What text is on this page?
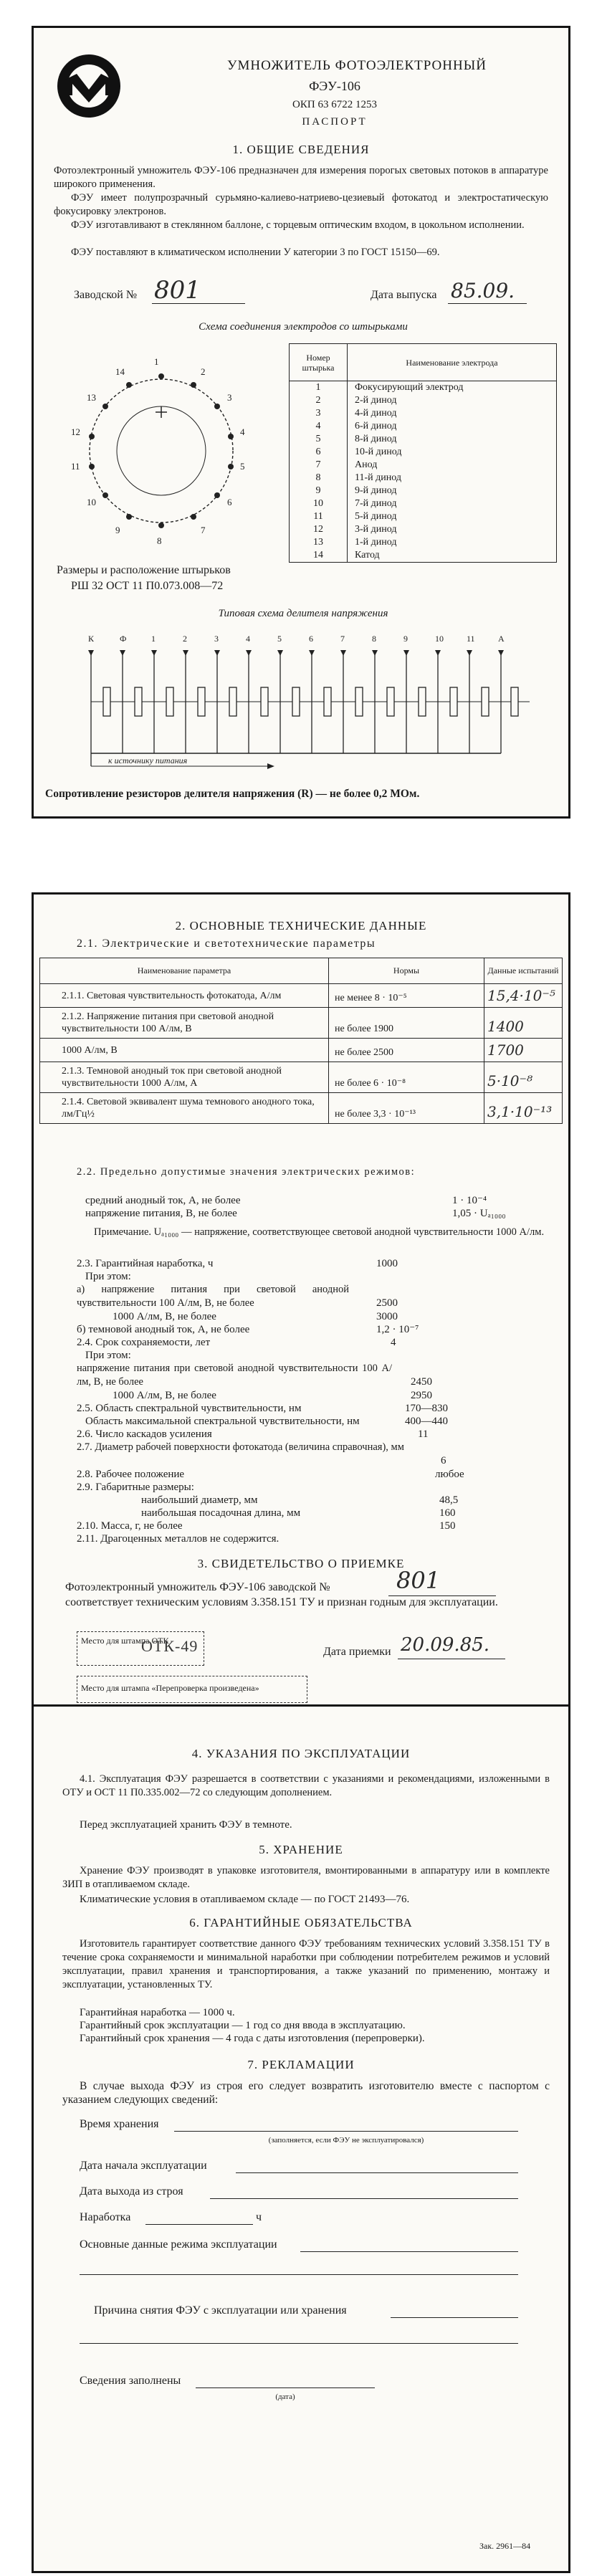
УМНОЖИТЕЛЬ ФОТОЭЛЕКТРОННЫЙ
ФЭУ-106
ОКП 63 6722 1253
ПАСПОРТ
1. ОБЩИЕ СВЕДЕНИЯ
Фотоэлектронный умножитель ФЭУ-106 предназначен для измерения порогых световых потоков в аппаратуре широкого применения.
ФЭУ имеет полупрозрачный сурьмяно-калиево-натриево-цезиевый фотокатод и электростатическую фокусировку электронов.
ФЭУ изготавливают в стеклянном баллоне, с торцевым оптическим входом, в цокольном исполнении.
ФЭУ поставляют в климатическом исполнении У категории 3 по ГОСТ 15150—69.
Заводской № 801	Дата выпуска 85.09.
Схема соединения электродов со штырьками
1
2
3
4
5
6
7
8
9
10
11
12
13
14
Номер штырька	Наименование электрода
1	Фокусирующий электрод
2	2-й динод
3	4-й динод
4	6-й динод
5	8-й динод
6	10-й динод
7	Анод
8	11-й динод
9	9-й динод
10	7-й динод
11	5-й динод
12	3-й динод
13	1-й динод
14	Катод
Размеры и расположение штырьков
РШ 32 ОСТ 11 П0.073.008—72
Типовая схема делителя напряжения
К	Ф	1	2	3	4	5	6	7	8	9	10	11	А
к источнику питания
Сопротивление резисторов делителя напряжения (R) — не более 0,2 МОм.
2. ОСНОВНЫЕ ТЕХНИЧЕСКИЕ ДАННЫЕ
2.1. Электрические и светотехнические параметры
Наименование параметра	Нормы	Данные испытаний
2.1.1. Световая чувствительность фотокатода, А/лм	не менее 8 · 10⁻⁵	15,4·10⁻⁵
2.1.2. Напряжение питания при световой анодной чувствительности 100 А/лм, В	не более 1900	1400
1000 А/лм, В	не более 2500	1700
2.1.3. Темновой анодный ток при световой анодной чувствительности 1000 А/лм, А	не более 6 · 10⁻⁸	5·10⁻⁸
2.1.4. Световой эквивалент шума темнового анодного тока, лм/Гц½	не более 3,3 · 10⁻¹³	3,1·10⁻¹³
2.2. Предельно допустимые значения электрических режимов:
средний анодный ток, А, не более	1 · 10⁻⁴
напряжение питания, В, не более	1,05 · Uₐ₁₀₀₀
Примечание. Uₐ₁₀₀₀ — напряжение, соответствующее световой анодной чувствительности 1000 А/лм.
2.3. Гарантийная наработка, ч	1000
При этом:
а) напряжение питания при световой анодной чувствительности 100 А/лм, В, не более	2500
1000 А/лм, В, не более	3000
б) темновой анодный ток, А, не более	1,2 · 10⁻⁷
2.4. Срок сохраняемости, лет	4
При этом:
напряжение питания при световой анодной чувствительности 100 А/лм, В, не более	2450
1000 А/лм, В, не более	2950
2.5. Область спектральной чувствительности, нм	170—830
Область максимальной спектральной чувствительности, нм	400—440
2.6. Число каскадов усиления	11
2.7. Диаметр рабочей поверхности фотокатода (величина справочная), мм
6
2.8. Рабочее положение	любое
2.9. Габаритные размеры:
наибольший диаметр, мм	48,5
наибольшая посадочная длина, мм	160
2.10. Масса, г, не более	150
2.11. Драгоценных металлов не содержится.
3. СВИДЕТЕЛЬСТВО О ПРИЕМКЕ
Фотоэлектронный умножитель ФЭУ-106 заводской №	801
соответствует техническим условиям 3.358.151 ТУ и признан годным для эксплуатации.
Место для штампа ОТК
ОТК-49	Дата приемки 20.09.85.
Место для штампа «Перепроверка произведена»
4. УКАЗАНИЯ ПО ЭКСПЛУАТАЦИИ
4.1. Эксплуатация ФЭУ разрешается в соответствии с указаниями и рекомендациями, изложенными в ОТУ и ОСТ 11 П0.335.002—72 со следующим дополнением.
Перед эксплуатацией хранить ФЭУ в темноте.
5. ХРАНЕНИЕ
Хранение ФЭУ производят в упаковке изготовителя, вмонтированными в аппаратуру или в комплекте ЗИП в отапливаемом складе.
Климатические условия в отапливаемом складе — по ГОСТ 21493—76.
6. ГАРАНТИЙНЫЕ ОБЯЗАТЕЛЬСТВА
Изготовитель гарантирует соответствие данного ФЭУ требованиям технических условий 3.358.151 ТУ в течение срока сохраняемости и минимальной наработки при соблюдении потребителем режимов и условий эксплуатации, правил хранения и транспортирования, а также указаний по применению, монтажу и эксплуатации, установленных ТУ.
Гарантийная наработка — 1000 ч.
Гарантийный срок эксплуатации — 1 год со дня ввода в эксплуатацию.
Гарантийный срок хранения — 4 года с даты изготовления (перепроверки).
7. РЕКЛАМАЦИИ
В случае выхода ФЭУ из строя его следует возвратить изготовителю вместе с паспортом с указанием следующих сведений:
Время хранения
(заполняется, если ФЭУ не эксплуатировался)
Дата начала эксплуатации
Дата выхода из строя
Наработка	ч
Основные данные режима эксплуатации
Причина снятия ФЭУ с эксплуатации или хранения
Сведения заполнены
(дата)
Зак. 2961—84
